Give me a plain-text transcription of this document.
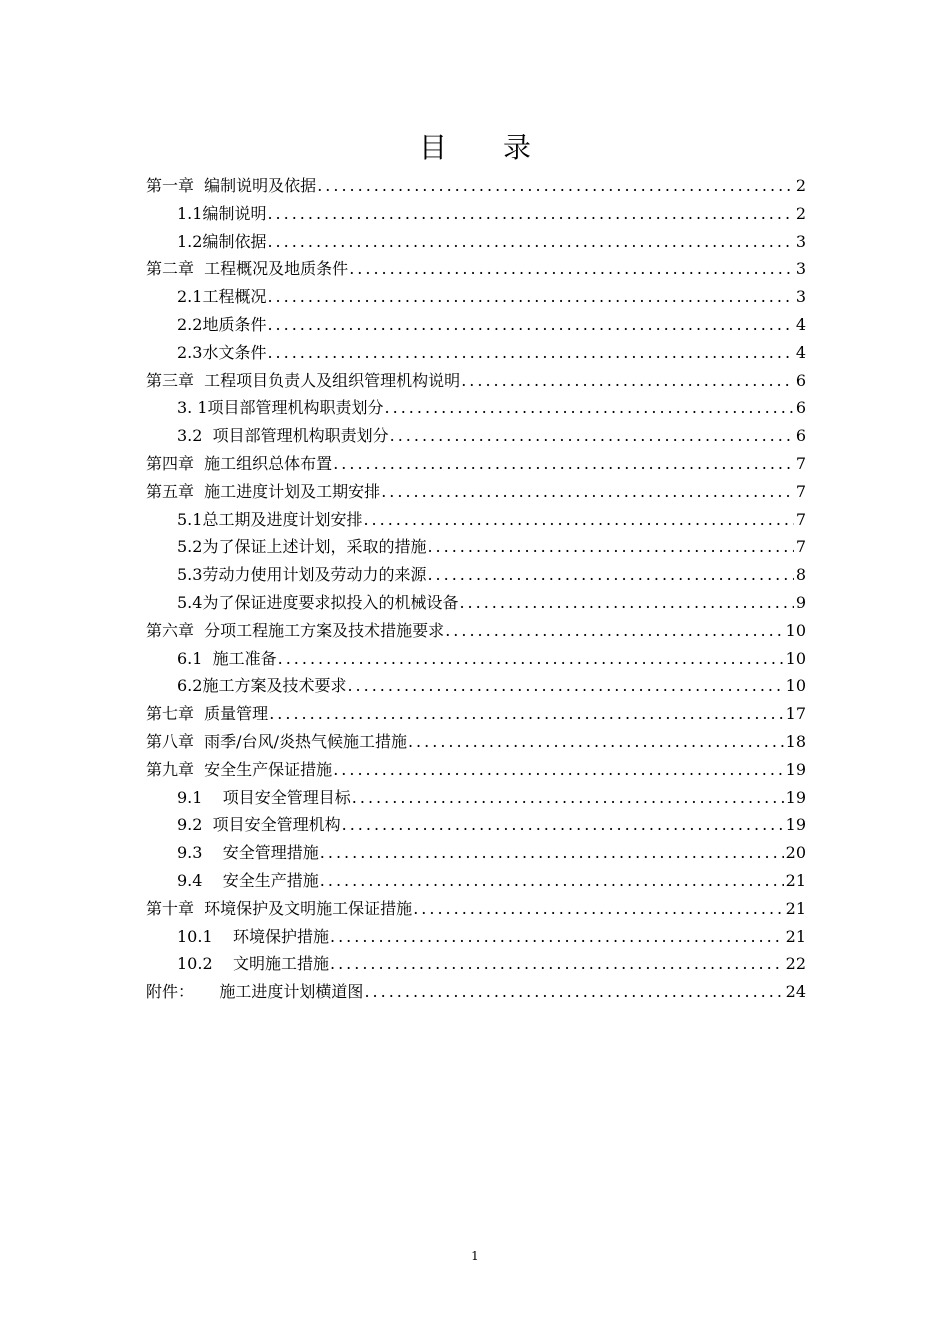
目 录
第一章  编制说明及依据 .....	2
1.1编制说明 .....	2
1.2编制依据 .....	3
第二章  工程概况及地质条件 .....	3
2.1工程概况 .....	3
2.2地质条件 .....	4
2.3水文条件 .....	4
第三章  工程项目负责人及组织管理机构说明 .....	6
3. 1项目部管理机构职责划分 .....	6
3.2  项目部管理机构职责划分 .....	6
第四章  施工组织总体布置 .....	7
第五章  施工进度计划及工期安排 .....	7
5.1总工期及进度计划安排 .....	7
5.2为了保证上述计划，采取的措施 .....	7
5.3劳动力使用计划及劳动力的来源 .....	8
5.4为了保证进度要求拟投入的机械设备 .....	9
第六章  分项工程施工方案及技术措施要求 .....	10
6.1  施工准备 .....	10
6.2施工方案及技术要求 .....	10
第七章  质量管理 .....	17
第八章  雨季/台风/炎热气候施工措施 .....	18
第九章  安全生产保证措施 .....	19
9.1    项目安全管理目标 .....	19
9.2  项目安全管理机构 .....	19
9.3    安全管理措施 .....	20
9.4    安全生产措施 .....	21
第十章  环境保护及文明施工保证措施 .....	21
10.1    环境保护措施 .....	21
10.2    文明施工措施 .....	22
附件：     施工进度计划横道图 .....	24
1
